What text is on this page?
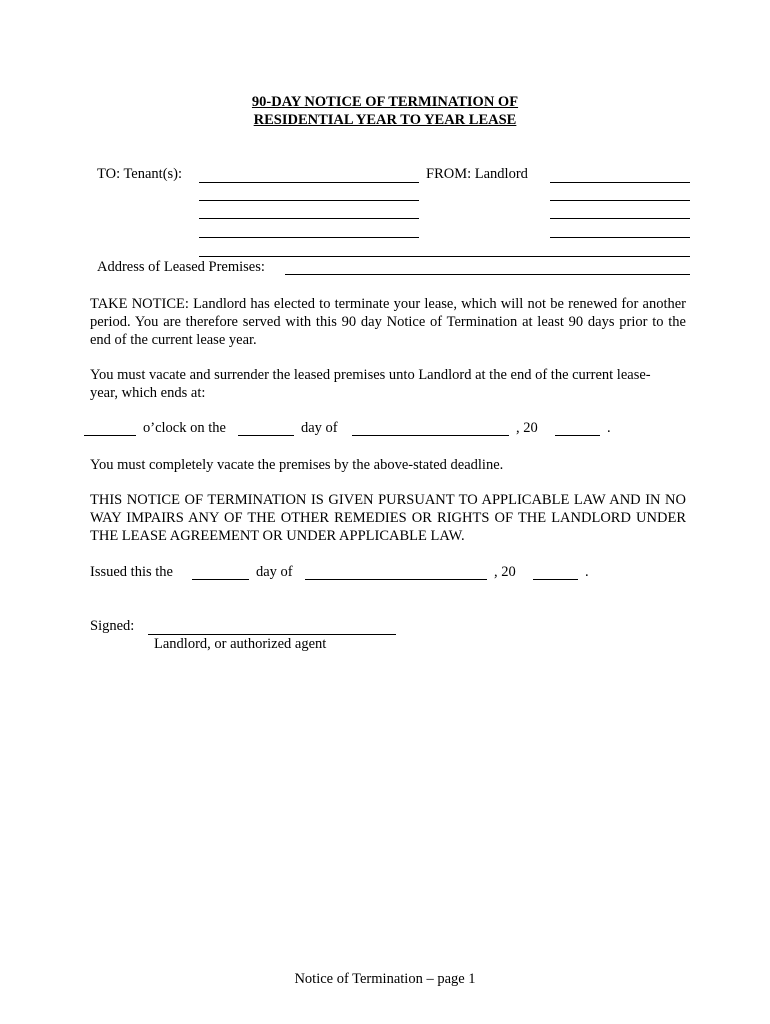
90-DAY NOTICE OF TERMINATION OF
RESIDENTIAL YEAR TO YEAR LEASE
TO: Tenant(s):	FROM: Landlord
Address of Leased Premises:
TAKE NOTICE: Landlord has elected to terminate your lease, which will not be renewed for another period. You are therefore served with this 90 day Notice of Termination at least 90 days prior to the end of the current lease year.
You must vacate and surrender the leased premises unto Landlord at the end of the current lease-
year, which ends at:
o’clock on the	day of	, 20	.
You must completely vacate the premises by the above-stated deadline.
THIS NOTICE OF TERMINATION IS GIVEN PURSUANT TO APPLICABLE LAW AND IN NO WAY IMPAIRS ANY OF THE OTHER REMEDIES OR RIGHTS OF THE LANDLORD UNDER THE LEASE AGREEMENT OR UNDER APPLICABLE LAW.
Issued this the	day of	, 20	.
Signed:
Landlord, or authorized agent
Notice of Termination – page 1
